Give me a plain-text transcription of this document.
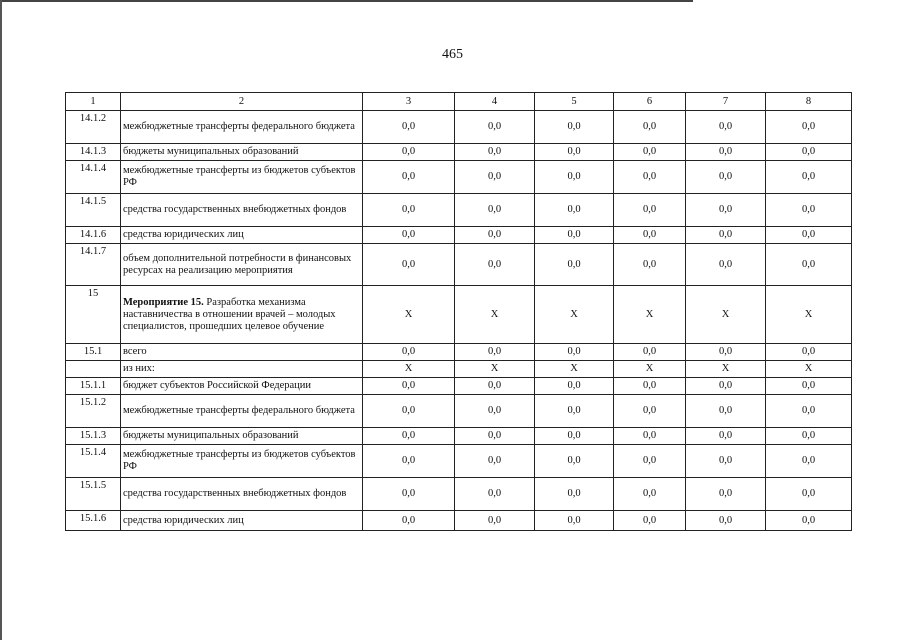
465
1	2	3	4	5	6	7	8
14.1.2	межбюджетные трансферты федерального бюджета	0,0	0,0	0,0	0,0	0,0	0,0
14.1.3	бюджеты муниципальных образований	0,0	0,0	0,0	0,0	0,0	0,0
14.1.4	межбюджетные трансферты из бюджетов субъектов РФ	0,0	0,0	0,0	0,0	0,0	0,0
14.1.5	средства государственных внебюджетных фондов	0,0	0,0	0,0	0,0	0,0	0,0
14.1.6	средства юридических лиц	0,0	0,0	0,0	0,0	0,0	0,0
14.1.7	объем дополнительной потребности в финансовых ресурсах на реализацию мероприятия	0,0	0,0	0,0	0,0	0,0	0,0
15	Мероприятие 15. Разработка механизма наставничества в отношении врачей – молодых специалистов, прошедших целевое обучение	Х	Х	Х	Х	Х	Х
15.1	всего	0,0	0,0	0,0	0,0	0,0	0,0
	из них:	Х	Х	Х	Х	Х	Х
15.1.1	бюджет субъектов Российской Федерации	0,0	0,0	0,0	0,0	0,0	0,0
15.1.2	межбюджетные трансферты федерального бюджета	0,0	0,0	0,0	0,0	0,0	0,0
15.1.3	бюджеты муниципальных образований	0,0	0,0	0,0	0,0	0,0	0,0
15.1.4	межбюджетные трансферты из бюджетов субъектов РФ	0,0	0,0	0,0	0,0	0,0	0,0
15.1.5	средства государственных внебюджетных фондов	0,0	0,0	0,0	0,0	0,0	0,0
15.1.6	средства юридических лиц	0,0	0,0	0,0	0,0	0,0	0,0
